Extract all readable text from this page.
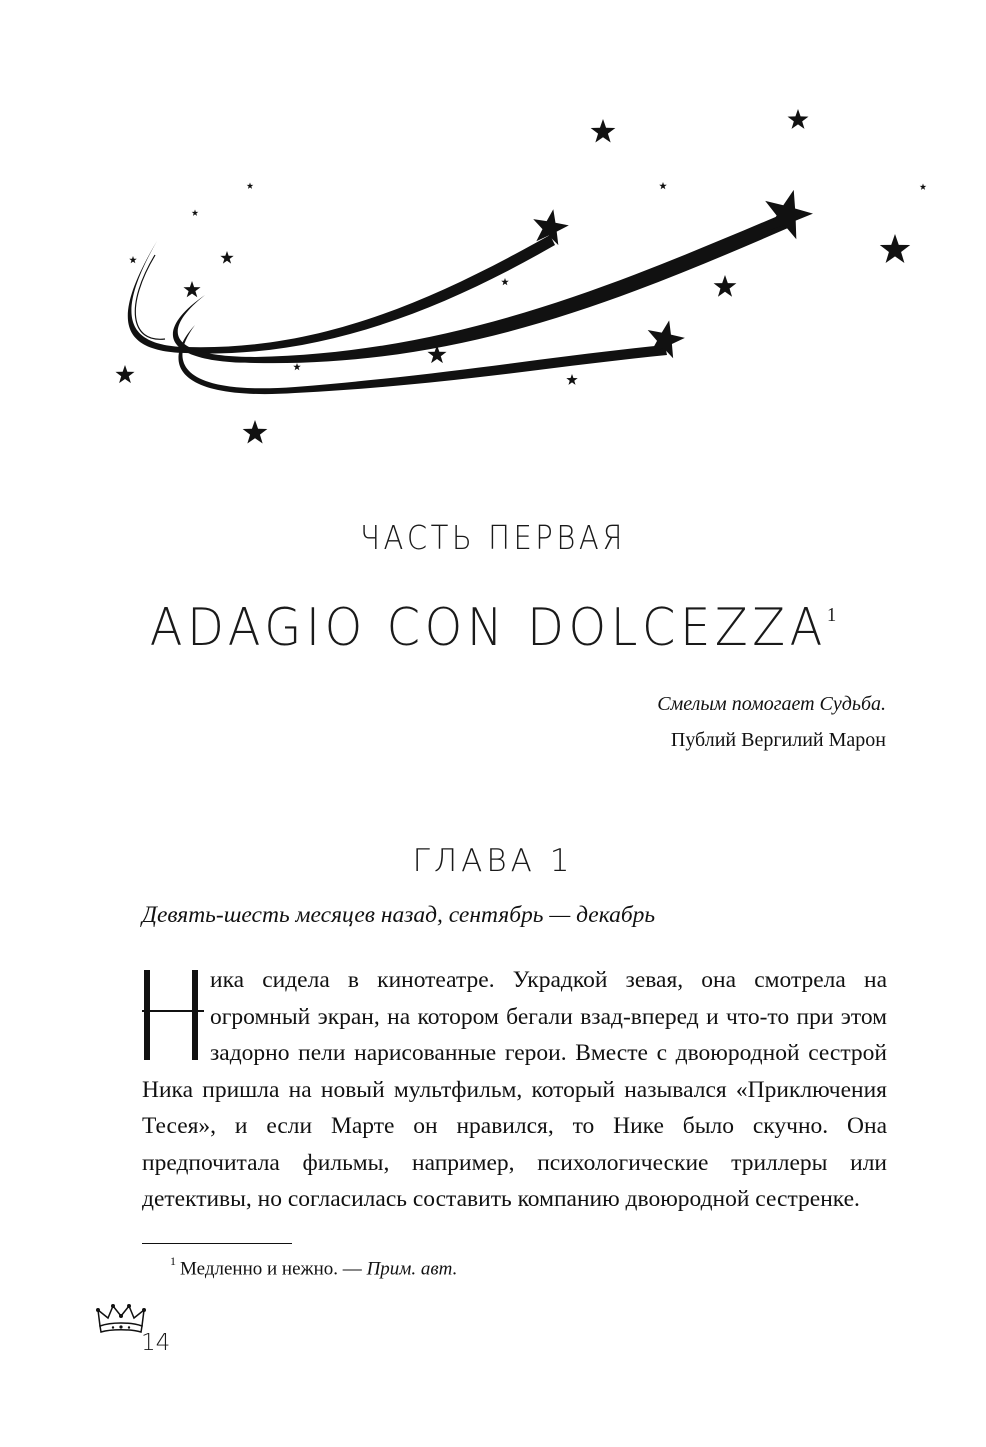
ЧАСТЬ ПЕРВАЯ
ADAGIO CON DOLCEZZA$^1$
Смелым помогает Судьба.
Публий Вергилий Марон
ГЛАВА 1
Девять-шесть месяцев назад, сентябрь — декабрь
ика сидела в кинотеатре. Украдкой зевая, она смотрела на огромный экран, на котором бегали взад-вперед и что-то при этом задорно пели нарисованные герои. Вместе с двоюродной сестрой Ника пришла на новый мультфильм, который назывался «Приключения Тесея», и если Марте он нравился, то Нике было скучно. Она предпочитала фильмы, например, психологические триллеры или детективы, но согласилась составить компанию двоюродной сестренке.
$^1$ Медленно и нежно. — Прим. авт.
14
